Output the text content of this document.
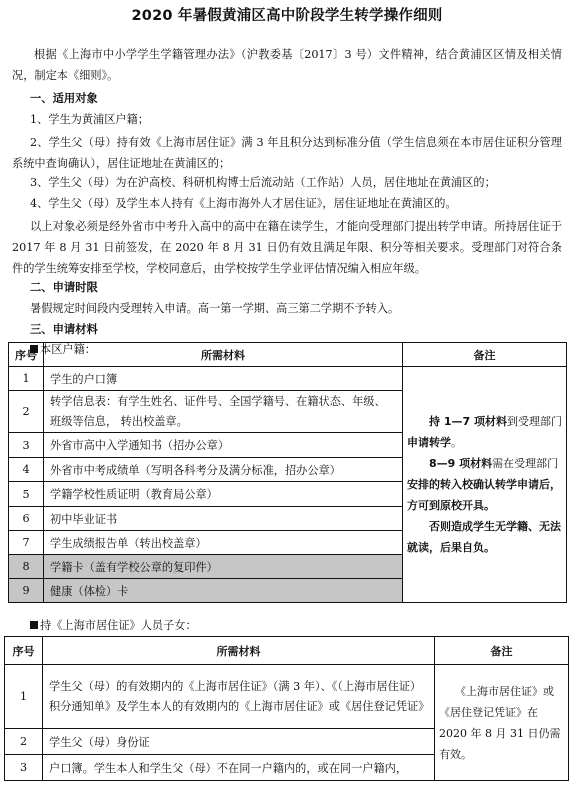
2020 年暑假黄浦区高中阶段学生转学操作细则
根据《上海市中小学学生学籍管理办法》（沪教委基〔2017〕3 号）文件精神，结合黄浦区区情及相关情况，制定本《细则》。
一、适用对象
1、学生为黄浦区户籍；
2、学生父（母）持有效《上海市居住证》满 3 年且积分达到标准分值（学生信息须在本市居住证积分管理系统中查询确认），居住证地址在黄浦区的；
3、学生父（母）为在沪高校、科研机构博士后流动站（工作站）人员，居住地址在黄浦区的；
4、学生父（母）及学生本人持有《上海市海外人才居住证》，居住证地址在黄浦区的。
以上对象必须是经外省市中考升入高中的高中在籍在读学生，才能向受理部门提出转学申请。所持居住证于 2017 年 8 月 31 日前签发，在 2020 年 8 月 31 日仍有效且满足年限、积分等相关要求。受理部门对符合条件的学生统筹安排至学校，学校同意后，由学校按学生学业评估情况编入相应年级。
二、申请时限
暑假规定时间段内受理转入申请。高一第一学期、高三第二学期不予转入。
三、申请材料
本区户籍：
序号	所需材料	备注
1	学生的户口簿	持 1—7 项材料到受理部门申请转学。
8—9 项材料需在受理部门安排的转入校确认转学申请后，方可到原校开具。
否则造成学生无学籍、无法就读，后果自负。

2	转学信息表：有学生姓名、证件号、全国学籍号、在籍状态、年级、班级等信息， 转出校盖章。	
3	外省市高中入学通知书（招办公章）	
4	外省市中考成绩单（写明各科考分及满分标准，招办公章）	
5	学籍学校性质证明（教育局公章）	
6	初中毕业证书	
7	学生成绩报告单（转出校盖章）	
8	学籍卡（盖有学校公章的复印件）	
9	健康（体检）卡	
持《上海市居住证》人员子女：
序号	所需材料	备注
1	学生父（母）的有效期内的《上海市居住证》（满 3 年）、《（上海市居住证）积分通知单》及学生本人的有效期内的《上海市居住证》或《居住登记凭证》	《上海市居住证》或《居住登记凭证》在 2020 年 8 月 31 日仍需有效。
2	学生父（母）身份证	
3	户口簿。学生本人和学生父（母）不在同一户籍内的，或在同一户籍内，	
